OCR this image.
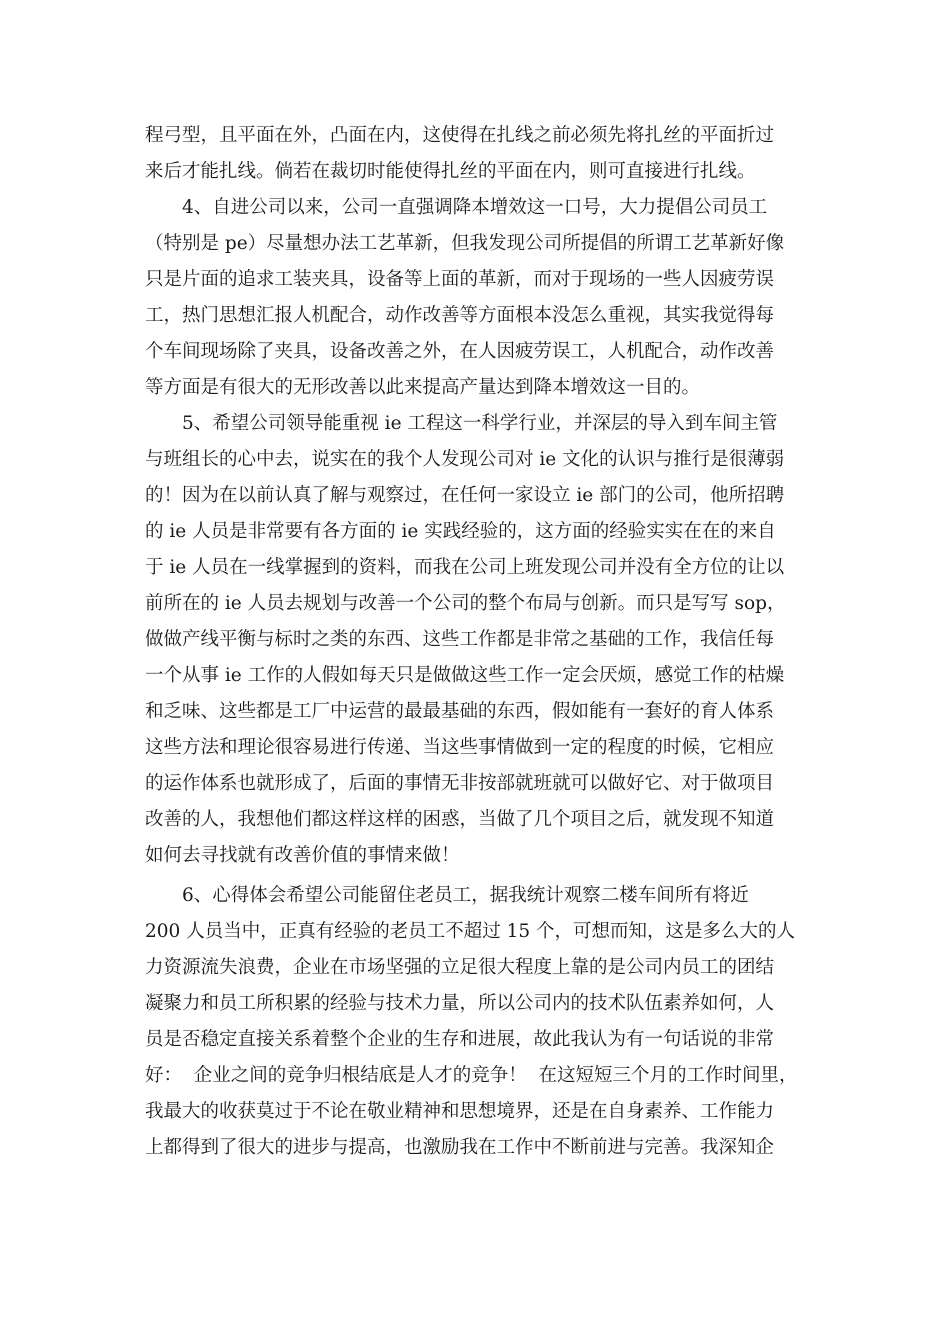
程弓型，且平面在外，凸面在内，这使得在扎线之前必须先将扎丝的平面折过

来后才能扎线。倘若在裁切时能使得扎丝的平面在内，则可直接进行扎线。

4、自进公司以来，公司一直强调降本增效这一口号，大力提倡公司员工

（特别是 pe）尽量想办法工艺革新，但我发现公司所提倡的所谓工艺革新好像

只是片面的追求工装夹具，设备等上面的革新，而对于现场的一些人因疲劳误

工，热门思想汇报人机配合，动作改善等方面根本没怎么重视，其实我觉得每

个车间现场除了夹具，设备改善之外，在人因疲劳误工，人机配合，动作改善

等方面是有很大的无形改善以此来提高产量达到降本增效这一目的。

5、希望公司领导能重视 ie 工程这一科学行业，并深层的导入到车间主管

与班组长的心中去，说实在的我个人发现公司对 ie 文化的认识与推行是很薄弱

的！因为在以前认真了解与观察过，在任何一家设立 ie 部门的公司，他所招聘

的 ie 人员是非常要有各方面的 ie 实践经验的，这方面的经验实实在在的来自

于 ie 人员在一线掌握到的资料，而我在公司上班发现公司并没有全方位的让以

前所在的 ie 人员去规划与改善一个公司的整个布局与创新。而只是写写 sop，

做做产线平衡与标时之类的东西、这些工作都是非常之基础的工作，我信任每

一个从事 ie 工作的人假如每天只是做做这些工作一定会厌烦，感觉工作的枯燥

和乏味、这些都是工厂中运营的最最基础的东西，假如能有一套好的育人体系

这些方法和理论很容易进行传递、当这些事情做到一定的程度的时候，它相应

的运作体系也就形成了，后面的事情无非按部就班就可以做好它、对于做项目

改善的人，我想他们都这样这样的困惑，当做了几个项目之后，就发现不知道

如何去寻找就有改善价值的事情来做！

6、心得体会希望公司能留住老员工，据我统计观察二楼车间所有将近

200 人员当中，正真有经验的老员工不超过 15 个，可想而知，这是多么大的人

力资源流失浪费，企业在市场坚强的立足很大程度上靠的是公司内员工的团结

凝聚力和员工所积累的经验与技术力量，所以公司内的技术队伍素养如何，人

员是否稳定直接关系着整个企业的生存和进展，故此我认为有一句话说的非常

好：  企业之间的竞争归根结底是人才的竞争！  在这短短三个月的工作时间里，

我最大的收获莫过于不论在敬业精神和思想境界，还是在自身素养、工作能力

上都得到了很大的进步与提高，也激励我在工作中不断前进与完善。我深知企
